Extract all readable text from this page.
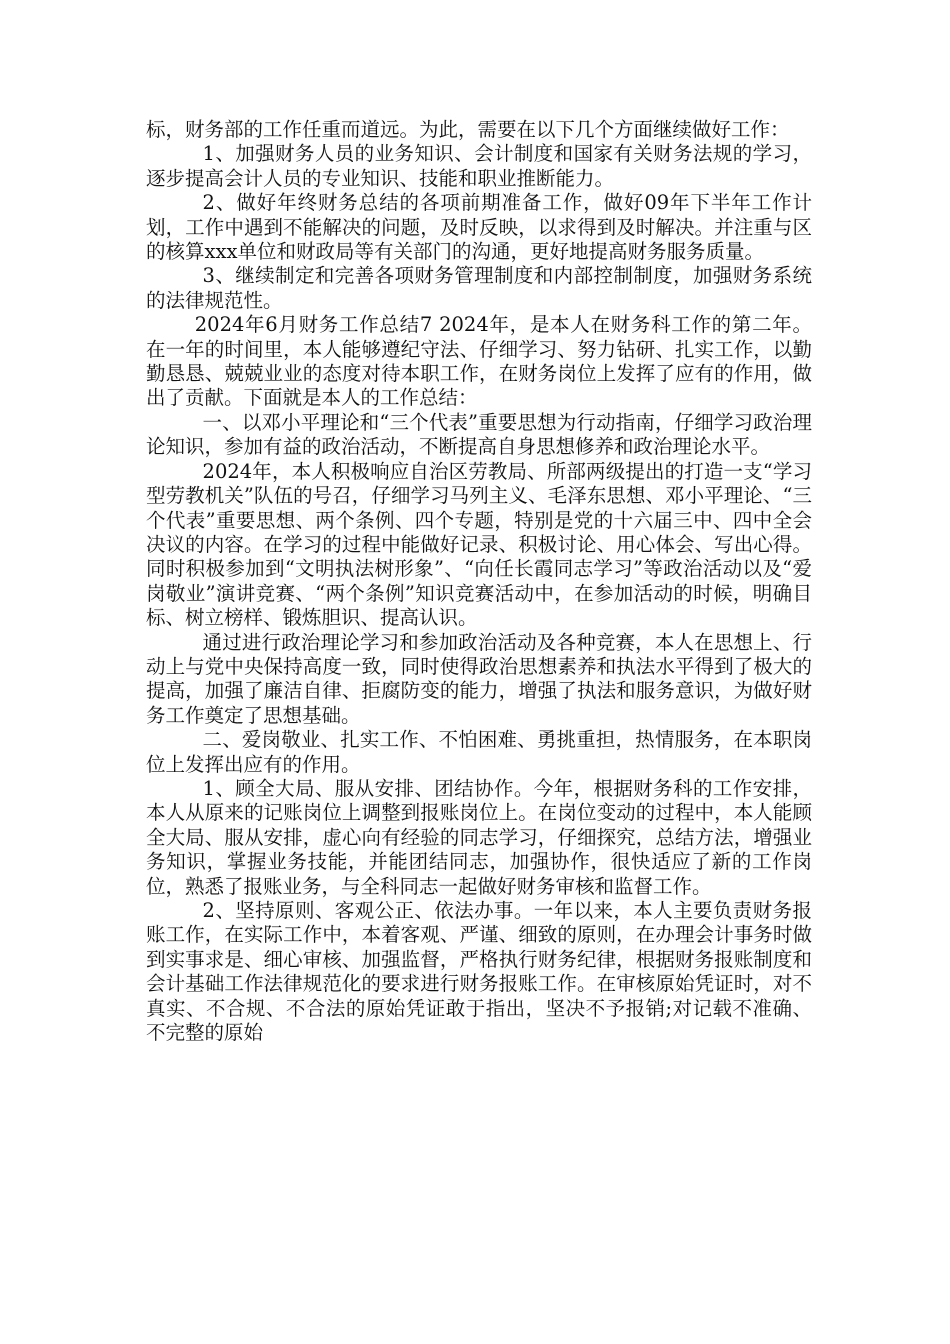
标，财务部的工作任重而道远。为此，需要在以下几个方面继续做好工作：

1、加强财务人员的业务知识、会计制度和国家有关财务法规的学习，逐步提高会计人员的专业知识、技能和职业推断能力。

2、做好年终财务总结的各项前期准备工作，做好09年下半年工作计划，工作中遇到不能解决的问题，及时反映，以求得到及时解决。并注重与区的核算xxx单位和财政局等有关部门的沟通，更好地提高财务服务质量。

3、继续制定和完善各项财务管理制度和内部控制制度，加强财务系统的法律规范性。

2024年6月财务工作总结7 2024年，是本人在财务科工作的第二年。在一年的时间里，本人能够遵纪守法、仔细学习、努力钻研、扎实工作，以勤勤恳恳、兢兢业业的态度对待本职工作，在财务岗位上发挥了应有的作用，做出了贡献。下面就是本人的工作总结：

一、以邓小平理论和“三个代表”重要思想为行动指南，仔细学习政治理论知识，参加有益的政治活动，不断提高自身思想修养和政治理论水平。

2024年，本人积极响应自治区劳教局、所部两级提出的打造一支“学习型劳教机关”队伍的号召，仔细学习马列主义、毛泽东思想、邓小平理论、“三个代表”重要思想、两个条例、四个专题，特别是党的十六届三中、四中全会决议的内容。在学习的过程中能做好记录、积极讨论、用心体会、写出心得。同时积极参加到“文明执法树形象”、“向任长霞同志学习”等政治活动以及“爱岗敬业”演讲竞赛、“两个条例”知识竞赛活动中，在参加活动的时候，明确目标、树立榜样、锻炼胆识、提高认识。

通过进行政治理论学习和参加政治活动及各种竞赛，本人在思想上、行动上与党中央保持高度一致，同时使得政治思想素养和执法水平得到了极大的提高，加强了廉洁自律、拒腐防变的能力，增强了执法和服务意识，为做好财务工作奠定了思想基础。

二、爱岗敬业、扎实工作、不怕困难、勇挑重担，热情服务，在本职岗位上发挥出应有的作用。

1、顾全大局、服从安排、团结协作。今年，根据财务科的工作安排，本人从原来的记账岗位上调整到报账岗位上。在岗位变动的过程中，本人能顾全大局、服从安排，虚心向有经验的同志学习，仔细探究，总结方法，增强业务知识，掌握业务技能，并能团结同志，加强协作，很快适应了新的工作岗位，熟悉了报账业务，与全科同志一起做好财务审核和监督工作。

2、坚持原则、客观公正、依法办事。一年以来，本人主要负责财务报账工作，在实际工作中，本着客观、严谨、细致的原则，在办理会计事务时做到实事求是、细心审核、加强监督，严格执行财务纪律，根据财务报账制度和会计基础工作法律规范化的要求进行财务报账工作。在审核原始凭证时，对不真实、不合规、不合法的原始凭证敢于指出，坚决不予报销;对记载不准确、不完整的原始
